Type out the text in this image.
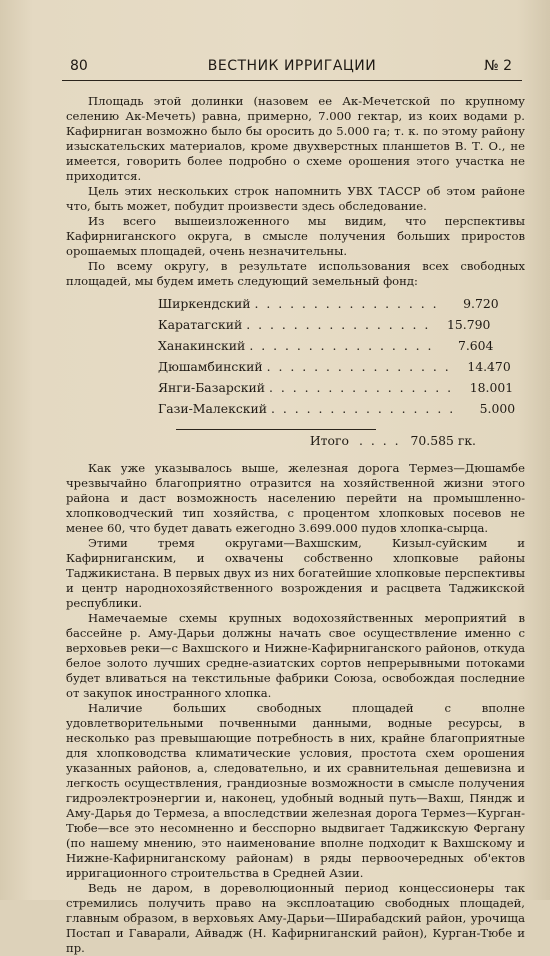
80	ВЕСТНИК ИРРИГАЦИИ	№ 2

Площадь этой долинки (назовем ее Ак-Мечетской по крупному селению Ак-Мечеть) равна, примерно, 7.000 гектар, из коих водами р. Кафирниган возможно было бы оросить до 5.000 га; т. к. по этому району изыскательских материалов, кроме двухверстных планшетов В. Т. О., не имеется, говорить более подробно о схеме орошения этого участка не приходится.

Цель этих нескольких строк напомнить УВХ ТАССР об этом районе что, быть может, побудит произвести здесь обследование.

Из всего вышеизложенного мы видим, что перспективы Кафирниганского округа, в смысле получения больших приростов орошаемых площадей, очень незначительны.

По всему округу, в результате использования всех свободных площадей, мы будем иметь следующий земельный фонд:

Ширкендский . . . . . . . . . . . . . . . .	9.720
Каратагский . . . . . . . . . . . . . . . .	15.790
Ханакинский . . . . . . . . . . . . . . . .	7.604
Дюшамбинский . . . . . . . . . . . . . . . .	14.470
Янги-Базарский . . . . . . . . . . . . . . . .	18.001
Гази-Малекский . . . . . . . . . . . . . . . .	5.000
Итого . . . . 70.585 гк.

Как уже указывалось выше, железная дорога Термез—Дюшамбе чрезвычайно благоприятно отразится на хозяйственной жизни этого района и даст возможность населению перейти на промышленно-хлопководческий тип хозяйства, с процентом хлопковых посевов не менее 60, что будет давать ежегодно 3.699.000 пудов хлопка-сырца.

Этими тремя округами—Вахшским, Кизыл-суйским и Кафирниганским, и охвачены собственно хлопковые районы Таджикистана. В первых двух из них богатейшие хлопковые перспективы и центр народнохозяйственного возрождения и расцвета Таджикской республики.

Намечаемые схемы крупных водохозяйственных мероприятий в бассейне р. Аму-Дарьи должны начать свое осуществление именно с верховьев реки—с Вахшского и Нижне-Кафирниганского районов, откуда белое золото лучших средне-азиатских сортов непрерывными потоками будет вливаться на текстильные фабрики Союза, освобождая последние от закупок иностранного хлопка.

Наличие больших свободных площадей с вполне удовлетворительными почвенными данными, водные ресурсы, в несколько раз превышающие потребность в них, крайне благоприятные для хлопководства климатические условия, простота схем орошения указанных районов, а, следовательно, и их сравнительная дешевизна и легкость осуществления, грандиозные возможности в смысле получения гидроэлектроэнергии и, наконец, удобный водный путь—Вахш, Пяндж и Аму-Дарья до Термеза, а впоследствии железная дорога Термез—Курган-Тюбе—все это несомненно и бесспорно выдвигает Таджикскую Фергану (по нашему мнению, это наименование вполне подходит к Вахшскому и Нижне-Кафирниганскому районам) в ряды первоочередных об'ектов ирригационного строительства в Средней Азии.

Ведь не даром, в дореволюционный период концессионеры так стремились получить право на эксплоатацию свободных площадей, главным образом, в верховьях Аму-Дарьи—Ширабадский район, урочища Постап и Гаварали, Айвадж (Н. Кафирниганский район), Курган-Тюбе и пр.
